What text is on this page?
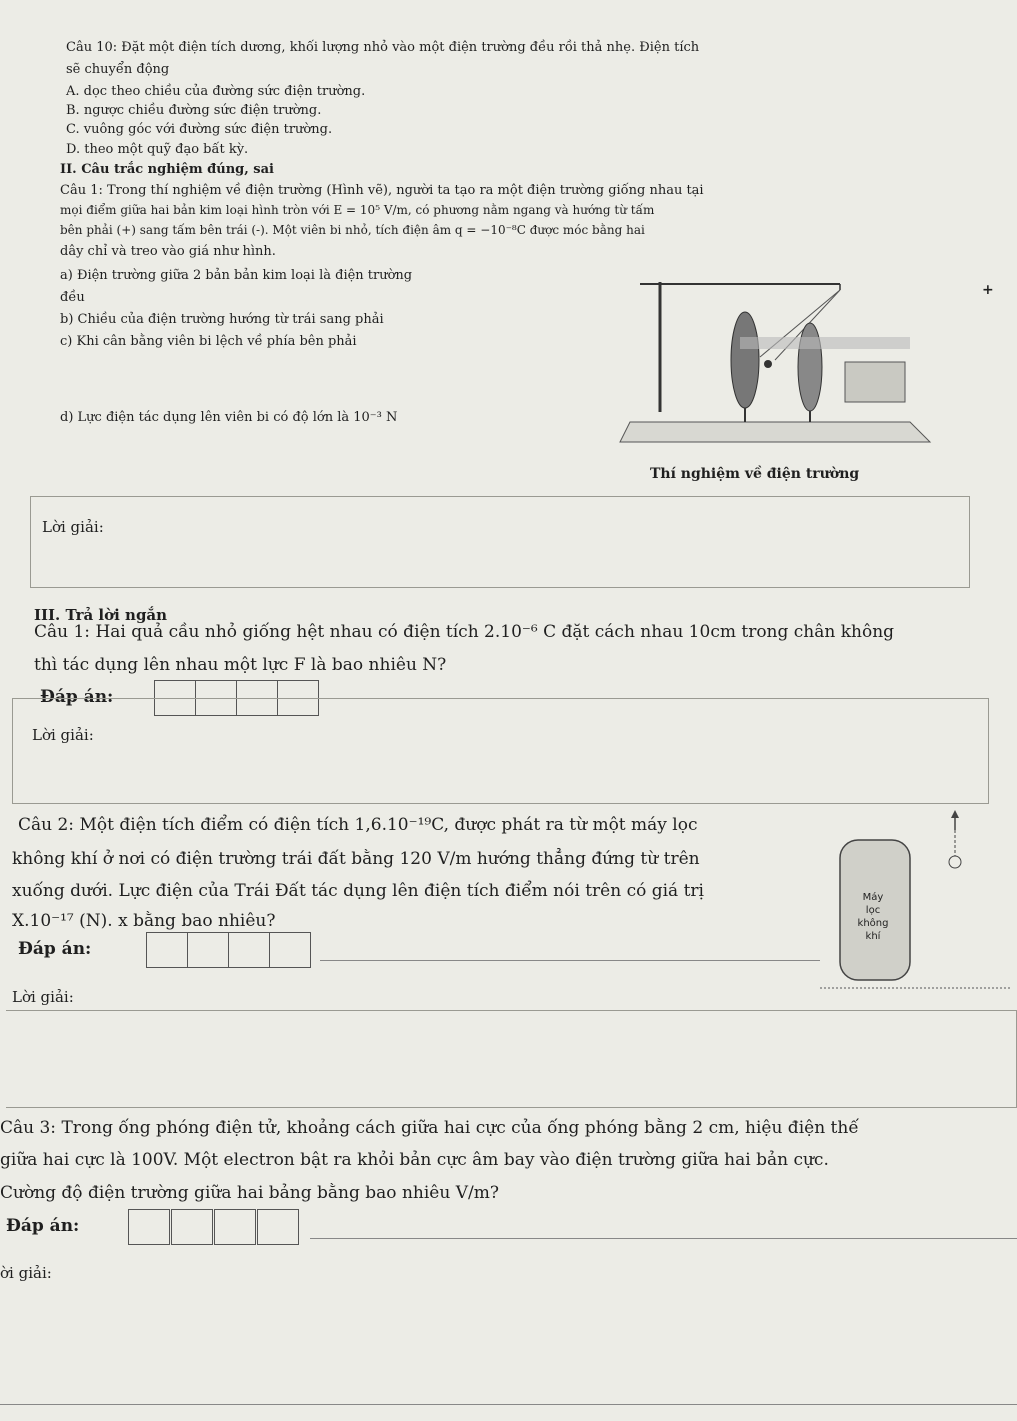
Câu 10: Đặt một điện tích dương, khối lượng nhỏ vào một điện trường đều rồi thả nhẹ. Điện tích
sẽ chuyển động
A. dọc theo chiều của đường sức điện trường.
B. ngược chiều đường sức điện trường.
C. vuông góc với đường sức điện trường.
D. theo một quỹ đạo bất kỳ.
II. Câu trắc nghiệm đúng, sai
Câu 1: Trong thí nghiệm về điện trường (Hình vẽ), người ta tạo ra một điện trường giống nhau tại
mọi điểm giữa hai bản kim loại hình tròn với E = 10⁵ V/m, có phương nằm ngang và hướng từ tấm
bên phải (+) sang tấm bên trái (-). Một viên bi nhỏ, tích điện âm q = −10⁻⁸C được móc bằng hai
dây chỉ và treo vào giá như hình.
a) Điện trường giữa 2 bản bản kim loại là điện trường
đều
b) Chiều của điện trường hướng từ trái sang phải
c) Khi cân bằng viên bi lệch về phía bên phải
d) Lực điện tác dụng lên viên bi có độ lớn là 10⁻³ N
+
Thí nghiệm về điện trường
Lời giải:
III. Trả lời ngắn
Câu 1: Hai quả cầu nhỏ giống hệt nhau có điện tích 2.10⁻⁶ C đặt cách nhau 10cm trong chân không
thì tác dụng lên nhau một lực F là bao nhiêu N?
Đáp án:
Lời giải:
Câu 2: Một điện tích điểm có điện tích 1,6.10⁻¹⁹C, được phát ra từ một máy lọc
không khí ở nơi có điện trường trái đất bằng 120 V/m hướng thẳng đứng từ trên
xuống dưới. Lực điện của Trái Đất tác dụng lên điện tích điểm nói trên có giá trị
X.10⁻¹⁷ (N). x bằng bao nhiêu?
Đáp án:
Máy
lọc
không
khí
Lời giải:
Câu 3: Trong ống phóng điện tử, khoảng cách giữa hai cực của ống phóng bằng 2 cm, hiệu điện thế
giữa hai cực là 100V. Một electron bật ra khỏi bản cực âm bay vào điện trường giữa hai bản cực.
Cường độ điện trường giữa hai bảng bằng bao nhiêu V/m?
Đáp án:
ời giải:
